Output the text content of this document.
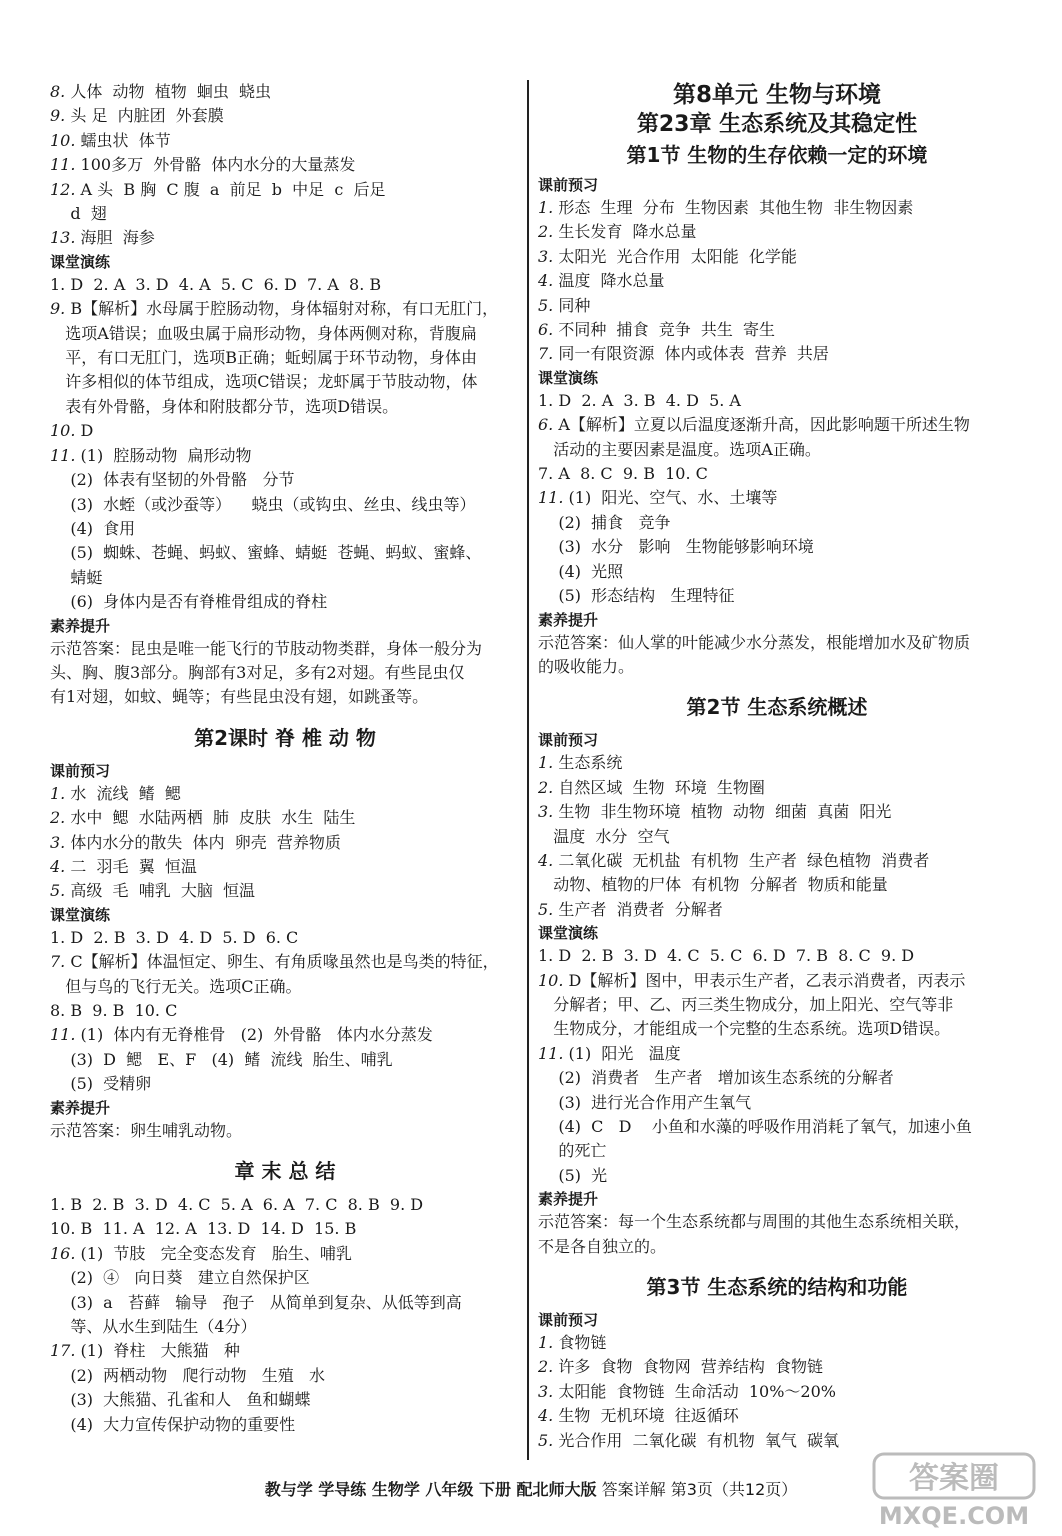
8. 人体  动物  植物  蛔虫  蛲虫
9. 头 足  内脏团  外套膜
10. 蠕虫状  体节
11. 100多万  外骨骼  体内水分的大量蒸发
12. A 头  B 胸  C 腹  a  前足  b  中足  c  后足
d  翅
13. 海胆  海参
课堂演练
1. D  2. A  3. D  4. A  5. C  6. D  7. A  8. B
9. B【解析】水母属于腔肠动物，身体辐射对称，有口无肛门，
选项A错误；血吸虫属于扁形动物，身体两侧对称，背腹扁
平，有口无肛门，选项B正确；蚯蚓属于环节动物，身体由
许多相似的体节组成，选项C错误；龙虾属于节肢动物，体
表有外骨骼，身体和附肢都分节，选项D错误。
10. D
11. (1)  腔肠动物  扁形动物
(2)  体表有坚韧的外骨骼   分节
(3)  水蛭（或沙蚕等）    蛲虫（或钩虫、丝虫、线虫等）
(4)  食用
(5)  蜘蛛、苍蝇、蚂蚁、蜜蜂、蜻蜓  苍蝇、蚂蚁、蜜蜂、
蜻蜓
(6)  身体内是否有脊椎骨组成的脊柱
素养提升
示范答案：昆虫是唯一能飞行的节肢动物类群，身体一般分为
头、胸、腹3部分。胸部有3对足，多有2对翅。有些昆虫仅
有1对翅，如蚊、蝇等；有些昆虫没有翅，如跳蚤等。
第2课时 脊 椎 动 物
课前预习
1. 水  流线  鳍  鳃
2. 水中  鳃  水陆两栖  肺  皮肤  水生  陆生
3. 体内水分的散失  体内  卵壳  营养物质
4. 二  羽毛  翼  恒温
5. 高级  毛  哺乳  大脑  恒温
课堂演练
1. D  2. B  3. D  4. D  5. D  6. C
7. C【解析】体温恒定、卵生、有角质喙虽然也是鸟类的特征，
但与鸟的飞行无关。选项C正确。
8. B  9. B  10. C
11. (1)  体内有无脊椎骨   (2)  外骨骼   体内水分蒸发
(3)  D  鳃   E、F   (4)  鳍  流线  胎生、哺乳
(5)  受精卵
素养提升
示范答案：卵生哺乳动物。
章 末 总 结
1. B  2. B  3. D  4. C  5. A  6. A  7. C  8. B  9. D
10. B  11. A  12. A  13. D  14. D  15. B
16. (1)  节肢   完全变态发育   胎生、哺乳
(2)  ④   向日葵   建立自然保护区
(3)  a   苔藓   输导   孢子   从简单到复杂、从低等到高
等、从水生到陆生（4分）
17. (1)  脊柱   大熊猫   种
(2)  两栖动物   爬行动物   生殖   水
(3)  大熊猫、孔雀和人   鱼和蝴蝶
(4)  大力宣传保护动物的重要性
第8单元 生物与环境
第23章 生态系统及其稳定性
第1节 生物的生存依赖一定的环境
课前预习
1. 形态  生理  分布  生物因素  其他生物  非生物因素
2. 生长发育  降水总量
3. 太阳光  光合作用  太阳能  化学能
4. 温度  降水总量
5. 同种
6. 不同种  捕食  竞争  共生  寄生
7. 同一有限资源  体内或体表  营养  共居
课堂演练
1. D  2. A  3. B  4. D  5. A
6. A【解析】立夏以后温度逐渐升高，因此影响题干所述生物
活动的主要因素是温度。选项A正确。
7. A  8. C  9. B  10. C
11. (1)  阳光、空气、水、土壤等
(2)  捕食   竞争
(3)  水分   影响   生物能够影响环境
(4)  光照
(5)  形态结构   生理特征
素养提升
示范答案：仙人掌的叶能减少水分蒸发，根能增加水及矿物质
的吸收能力。
第2节 生态系统概述
课前预习
1. 生态系统
2. 自然区域  生物  环境  生物圈
3. 生物  非生物环境  植物  动物  细菌  真菌  阳光
温度  水分  空气
4. 二氧化碳  无机盐  有机物  生产者  绿色植物  消费者
动物、植物的尸体  有机物  分解者  物质和能量
5. 生产者  消费者  分解者
课堂演练
1. D  2. B  3. D  4. C  5. C  6. D  7. B  8. C  9. D
10. D【解析】图中，甲表示生产者，乙表示消费者，丙表示
分解者；甲、乙、丙三类生物成分，加上阳光、空气等非
生物成分，才能组成一个完整的生态系统。选项D错误。
11. (1)  阳光   温度
(2)  消费者   生产者   增加该生态系统的分解者
(3)  进行光合作用产生氧气
(4)  C   D    小鱼和水藻的呼吸作用消耗了氧气，加速小鱼
的死亡
(5)  光
素养提升
示范答案：每一个生态系统都与周围的其他生态系统相关联，
不是各自独立的。
第3节 生态系统的结构和功能
课前预习
1. 食物链
2. 许多  食物  食物网  营养结构  食物链
3. 太阳能  食物链  生命活动  10%～20%
4. 生物  无机环境  往返循环
5. 光合作用  二氧化碳  有机物  氧气  碳氧
教与学 学导练 生物学 八年级 下册 配北师大版 答案详解 第3页（共12页）	答案圈
MXQE.COM
